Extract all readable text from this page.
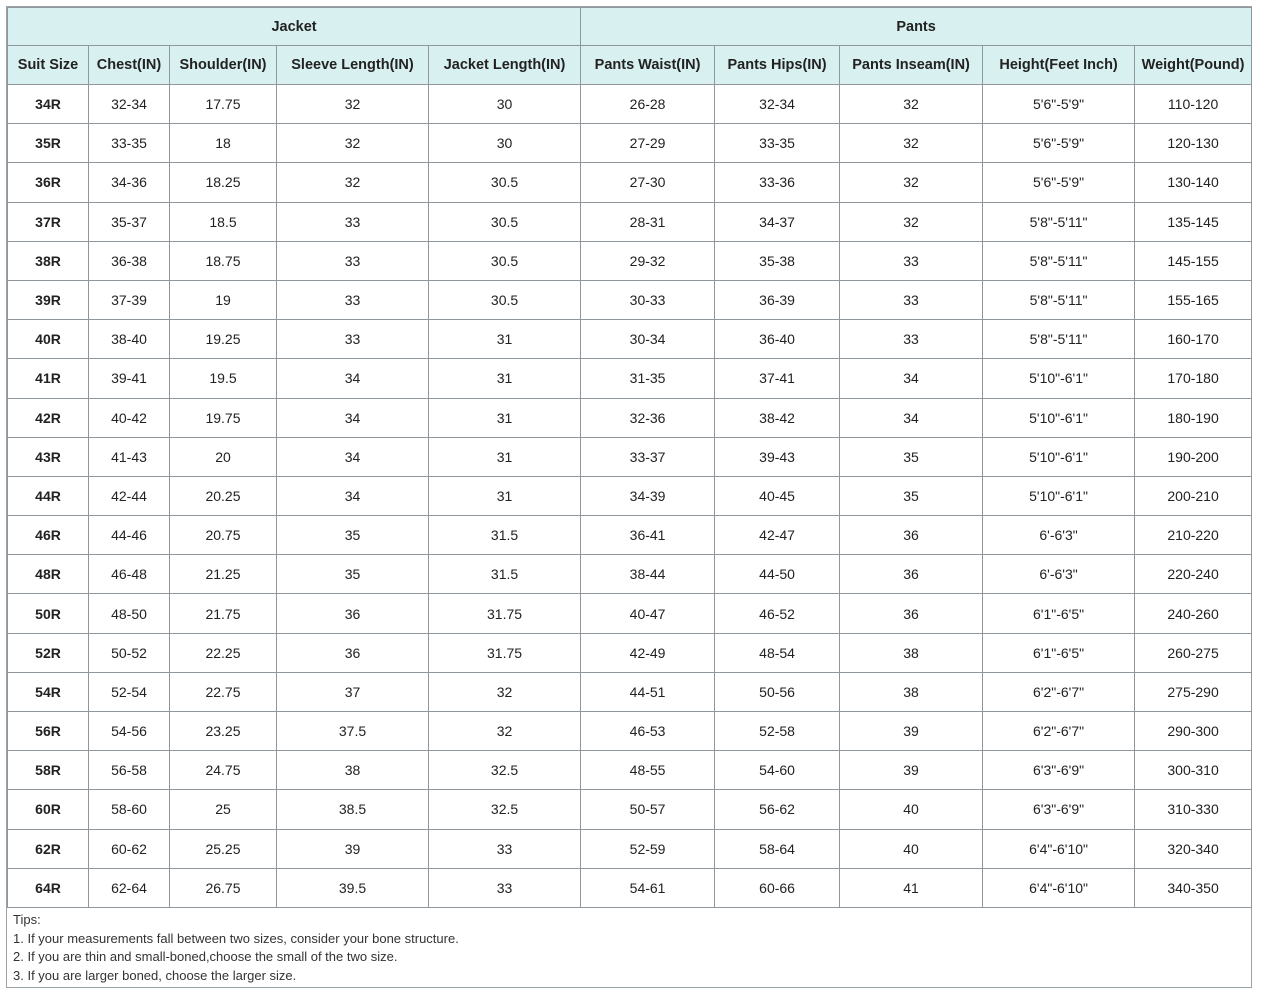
Jacket					Pants				
Suit Size	Chest(IN)	Shoulder(IN)	Sleeve Length(IN)	Jacket Length(IN)	Pants Waist(IN)	Pants Hips(IN)	Pants Inseam(IN)	Height(Feet Inch)	Weight(Pound)
34R	32-34	17.75	32	30	26-28	32-34	32	5'6"-5'9"	110-120
35R	33-35	18	32	30	27-29	33-35	32	5'6"-5'9"	120-130
36R	34-36	18.25	32	30.5	27-30	33-36	32	5'6"-5'9"	130-140
37R	35-37	18.5	33	30.5	28-31	34-37	32	5'8"-5'11"	135-145
38R	36-38	18.75	33	30.5	29-32	35-38	33	5'8"-5'11"	145-155
39R	37-39	19	33	30.5	30-33	36-39	33	5'8"-5'11"	155-165
40R	38-40	19.25	33	31	30-34	36-40	33	5'8"-5'11"	160-170
41R	39-41	19.5	34	31	31-35	37-41	34	5'10"-6'1"	170-180
42R	40-42	19.75	34	31	32-36	38-42	34	5'10"-6'1"	180-190
43R	41-43	20	34	31	33-37	39-43	35	5'10"-6'1"	190-200
44R	42-44	20.25	34	31	34-39	40-45	35	5'10"-6'1"	200-210
46R	44-46	20.75	35	31.5	36-41	42-47	36	6'-6'3"	210-220
48R	46-48	21.25	35	31.5	38-44	44-50	36	6'-6'3"	220-240
50R	48-50	21.75	36	31.75	40-47	46-52	36	6'1"-6'5"	240-260
52R	50-52	22.25	36	31.75	42-49	48-54	38	6'1"-6'5"	260-275
54R	52-54	22.75	37	32	44-51	50-56	38	6'2"-6'7"	275-290
56R	54-56	23.25	37.5	32	46-53	52-58	39	6'2"-6'7"	290-300
58R	56-58	24.75	38	32.5	48-55	54-60	39	6'3"-6'9"	300-310
60R	58-60	25	38.5	32.5	50-57	56-62	40	6'3"-6'9"	310-330
62R	60-62	25.25	39	33	52-59	58-64	40	6'4"-6'10"	320-340
64R	62-64	26.75	39.5	33	54-61	60-66	41	6'4"-6'10"	340-350
Tips:
1. If your measurements fall between two sizes, consider your bone structure.
2. If you are thin and small-boned,choose the small of the two size.
3. If you are larger boned, choose the larger size.
